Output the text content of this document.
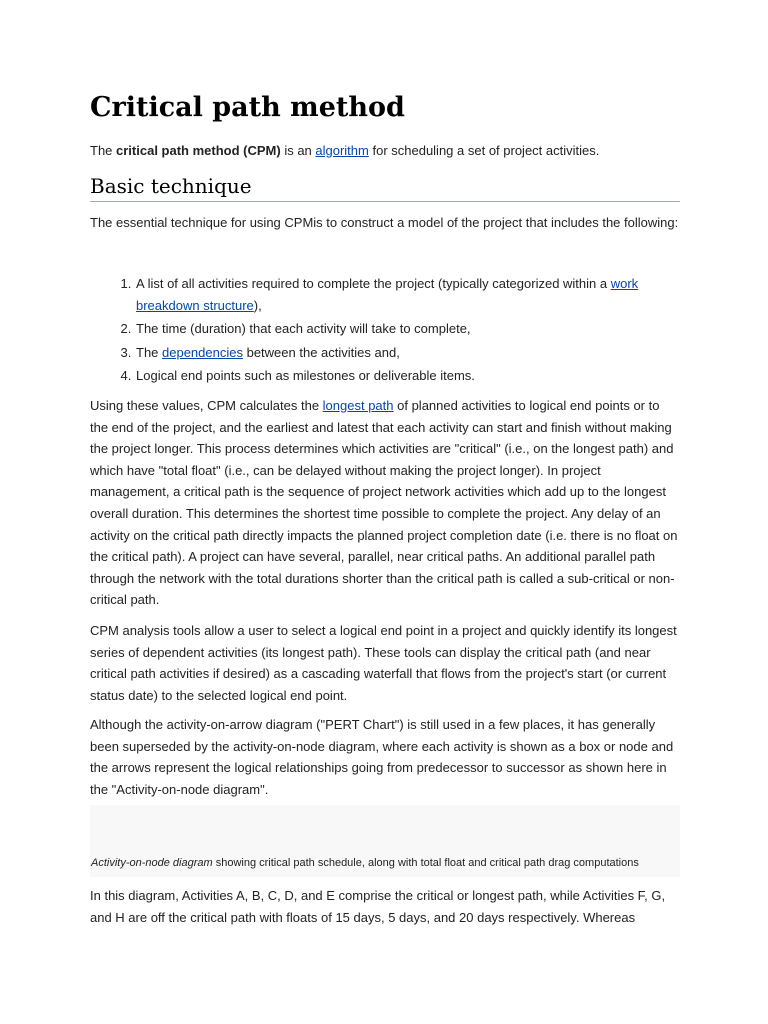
Critical path method

The critical path method (CPM) is an algorithm for scheduling a set of project activities.

Basic technique

The essential technique for using CPMis to construct a model of the project that includes the following:

1. A list of all activities required to complete the project (typically categorized within a work breakdown structure),
2. The time (duration) that each activity will take to complete,
3. The dependencies between the activities and,
4. Logical end points such as milestones or deliverable items.

Using these values, CPM calculates the longest path of planned activities to logical end points or to the end of the project, and the earliest and latest that each activity can start and finish without making the project longer. This process determines which activities are "critical" (i.e., on the longest path) and which have "total float" (i.e., can be delayed without making the project longer). In project management, a critical path is the sequence of project network activities which add up to the longest overall duration. This determines the shortest time possible to complete the project. Any delay of an activity on the critical path directly impacts the planned project completion date (i.e. there is no float on the critical path). A project can have several, parallel, near critical paths. An additional parallel path through the network with the total durations shorter than the critical path is called a sub-critical or non-critical path.

CPM analysis tools allow a user to select a logical end point in a project and quickly identify its longest series of dependent activities (its longest path). These tools can display the critical path (and near critical path activities if desired) as a cascading waterfall that flows from the project's start (or current status date) to the selected logical end point.

Although the activity-on-arrow diagram ("PERT Chart") is still used in a few places, it has generally been superseded by the activity-on-node diagram, where each activity is shown as a box or node and the arrows represent the logical relationships going from predecessor to successor as shown here in the "Activity-on-node diagram".

Activity-on-node diagram showing critical path schedule, along with total float and critical path drag computations

In this diagram, Activities A, B, C, D, and E comprise the critical or longest path, while Activities F, G, and H are off the critical path with floats of 15 days, 5 days, and 20 days respectively. Whereas
